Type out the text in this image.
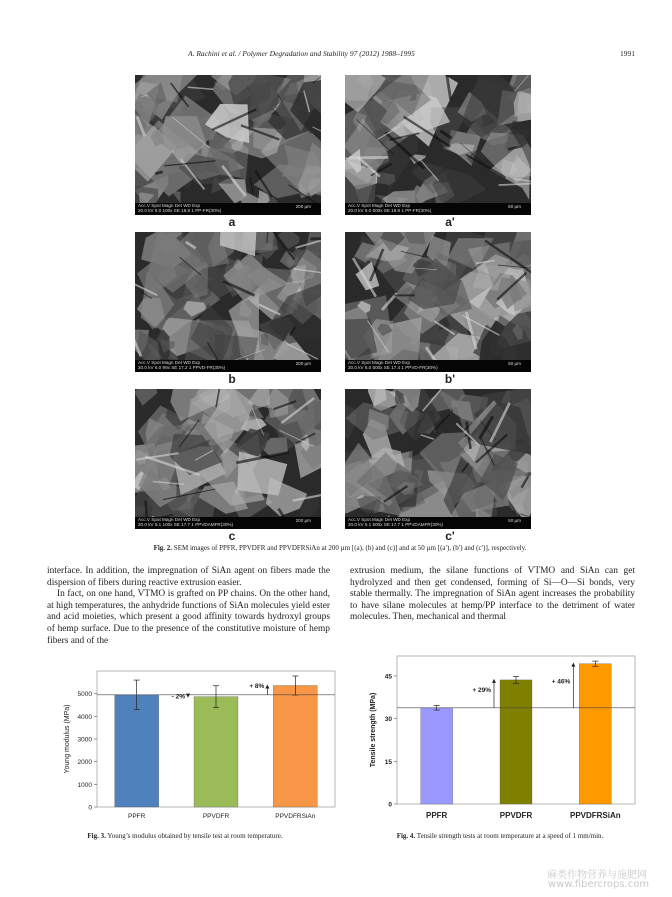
A. Rachini et al. / Polymer Degradation and Stability 97 (2012) 1988–1995	1991
Acc.V Spot Magn Det WD Exp
20.0 kV 6.0 100x SE 18.8 1 PP-FR(30%)
200 µm
a
Acc.V Spot Magn Det WD Exp
20.0 kV 6.0 500x SE 18.8 1 PP-FR(30%)
50 µm
a'
Acc.V Spot Magn Det WD Exp
20.0 kV 6.0 99x SE 17.2 1 PPVD-FR(30%)
200 µm
b
Acc.V Spot Magn Det WD Exp
20.0 kV 6.0 500x SE 17.4 1 PPVD-FR(30%)
50 µm
b'
Acc.V Spot Magn Det WD Exp
20.0 kV 5.1 100x SE 17.7 1 PPVDAMFR(30%)
200 µm
c
Acc.V Spot Magn Det WD Exp
20.0 kV 5.1 500x SE 17.7 1 PPVDAMFR(30%)
50 µm
c'
Fig. 2. SEM images of PPFR, PPVDFR and PPVDFRSiAn at 200 µm [(a), (b) and (c)] and at 50 µm [(a′), (b′) and (c′)], respectively.

interface. In addition, the impregnation of SiAn agent on fibers made the dispersion of fibers during reactive extrusion easier.

In fact, on one hand, VTMO is grafted on PP chains. On the other hand, at high temperatures, the anhydride functions of SiAn molecules yield ester and acid moieties, which present a good affinity towards hydroxyl groups of hemp surface. Due to the presence of the constitutive moisture of hemp fibers and of the

extrusion medium, the silane functions of VTMO and SiAn can get hydrolyzed and then get condensed, forming of Si—O—Si bonds, very stable thermally. The impregnation of SiAn agent increases the probability to have silane molecules at hemp/PP interface to the detriment of water molecules. Then, mechanical and thermal

0
1000
2000
3000
4000
5000
Young modulus (MPa)
PPFR	PPVDFR	PPVDFRSiAn
- 2%
+ 8%
0
15
30
45
Tensile strength (MPa)
PPFR	PPVDFR	PPVDFRSiAn
+ 29%
+ 46%
Fig. 3. Young’s modulus obtained by tensile test at room temperature.	Fig. 4. Tensile strength tests at room temperature at a speed of 1 mm/min.
麻类作物营养与施肥网
www.fibercrops.com
